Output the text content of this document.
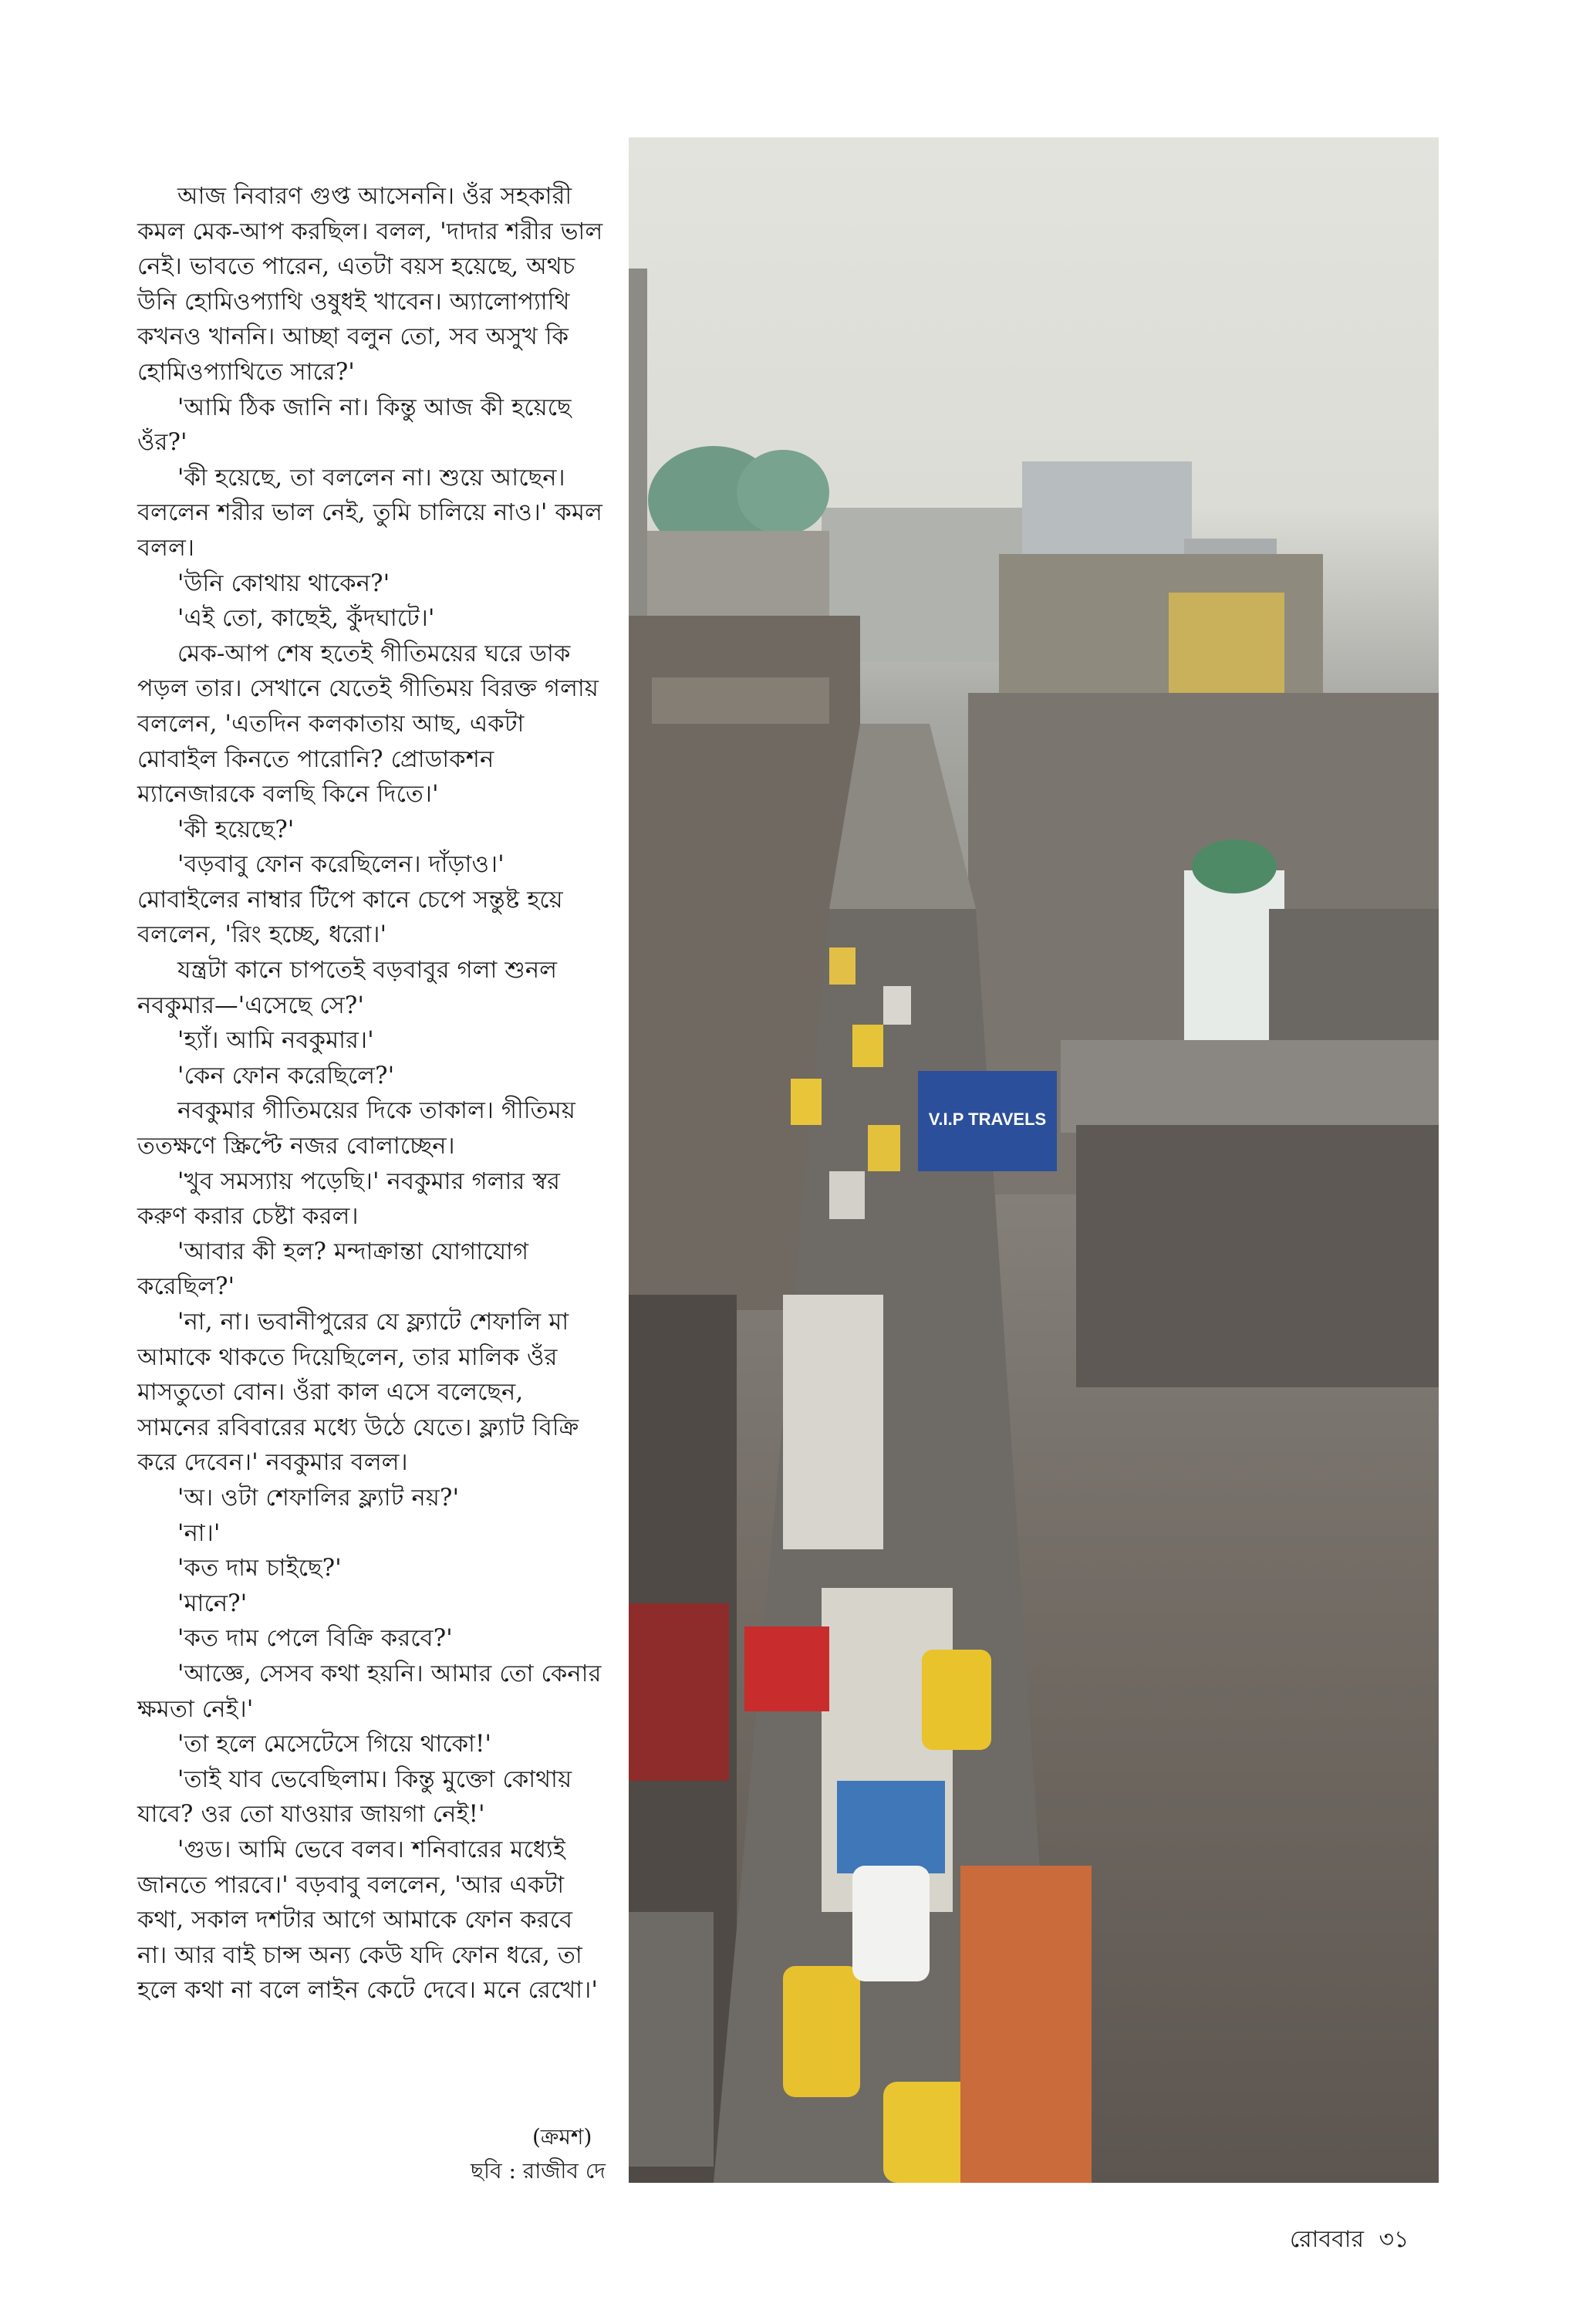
আজ নিবারণ গুপ্ত আসেননি। ওঁর সহকারী কমল মেক-আপ করছিল। বলল, 'দাদার শরীর ভাল নেই। ভাবতে পারেন, এতটা বয়স হয়েছে, অথচ উনি হোমিওপ্যাথি ওষুধই খাবেন। অ্যালোপ্যাথি কখনও খাননি। আচ্ছা বলুন তো, সব অসুখ কি হোমিওপ্যাথিতে সারে?'

'আমি ঠিক জানি না। কিন্তু আজ কী হয়েছে ওঁর?'

'কী হয়েছে, তা বললেন না। শুয়ে আছেন। বললেন শরীর ভাল নেই, তুমি চালিয়ে নাও।' কমল বলল।

'উনি কোথায় থাকেন?'

'এই তো, কাছেই, কুঁদঘাটে।'

মেক-আপ শেষ হতেই গীতিময়ের ঘরে ডাক পড়ল তার। সেখানে যেতেই গীতিময় বিরক্ত গলায় বললেন, 'এতদিন কলকাতায় আছ, একটা মোবাইল কিনতে পারোনি? প্রোডাকশন ম্যানেজারকে বলছি কিনে দিতে।'

'কী হয়েছে?'

'বড়বাবু ফোন করেছিলেন। দাঁড়াও।' মোবাইলের নাম্বার টিপে কানে চেপে সন্তুষ্ট হয়ে বললেন, 'রিং হচ্ছে, ধরো।'

যন্ত্রটা কানে চাপতেই বড়বাবুর গলা শুনল নবকুমার—'এসেছে সে?'

'হ্যাঁ। আমি নবকুমার।'

'কেন ফোন করেছিলে?'

নবকুমার গীতিময়ের দিকে তাকাল। গীতিময় ততক্ষণে স্ক্রিপ্টে নজর বোলাচ্ছেন।

'খুব সমস্যায় পড়েছি।' নবকুমার গলার স্বর করুণ করার চেষ্টা করল।

'আবার কী হল? মন্দাক্রান্তা যোগাযোগ করেছিল?'

'না, না। ভবানীপুরের যে ফ্ল্যাটে শেফালি মা আমাকে থাকতে দিয়েছিলেন, তার মালিক ওঁর মাসতুতো বোন। ওঁরা কাল এসে বলেছেন, সামনের রবিবারের মধ্যে উঠে যেতে। ফ্ল্যাট বিক্রি করে দেবেন।' নবকুমার বলল।

'অ। ওটা শেফালির ফ্ল্যাট নয়?'

'না।'

'কত দাম চাইছে?'

'মানে?'

'কত দাম পেলে বিক্রি করবে?'

'আজ্ঞে, সেসব কথা হয়নি। আমার তো কেনার ক্ষমতা নেই।'

'তা হলে মেসেটেসে গিয়ে থাকো!'

'তাই যাব ভেবেছিলাম। কিন্তু মুক্তো কোথায় যাবে? ওর তো যাওয়ার জায়গা নেই!'

'গুড। আমি ভেবে বলব। শনিবারের মধ্যেই জানতে পারবে।' বড়বাবু বললেন, 'আর একটা কথা, সকাল দশটার আগে আমাকে ফোন করবে না। আর বাই চান্স অন্য কেউ যদি ফোন ধরে, তা হলে কথা না বলে লাইন কেটে দেবে। মনে রেখো।'

(ক্রমশ)
ছবি : রাজীব দে
V.I.P TRAVELS
রোববার ৩১
